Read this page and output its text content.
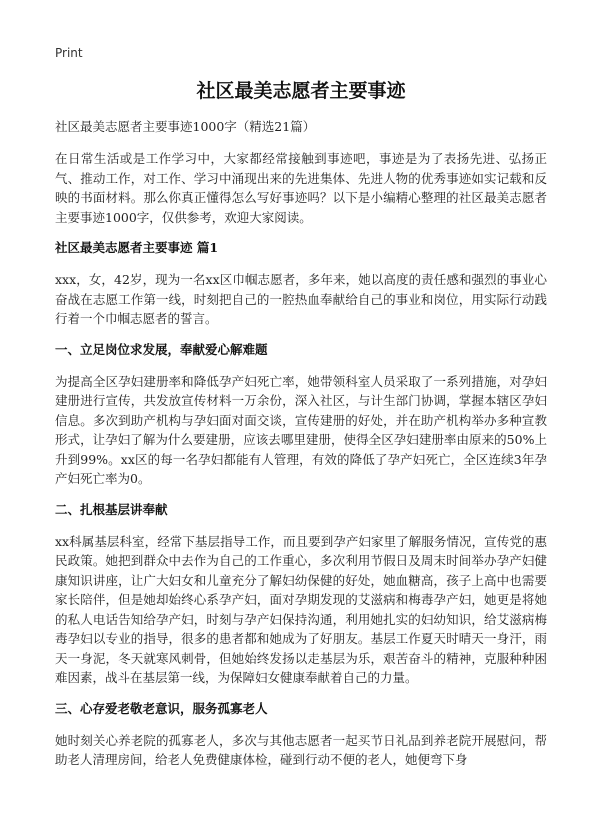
Print
社区最美志愿者主要事迹
社区最美志愿者主要事迹1000字（精选21篇）

在日常生活或是工作学习中，大家都经常接触到事迹吧，事迹是为了表扬先进、弘扬正气、推动工作，对工作、学习中涌现出来的先进集体、先进人物的优秀事迹如实记载和反映的书面材料。那么你真正懂得怎么写好事迹吗？以下是小编精心整理的社区最美志愿者主要事迹1000字，仅供参考，欢迎大家阅读。

社区最美志愿者主要事迹 篇1

xxx，女，42岁，现为一名xx区巾帼志愿者，多年来，她以高度的责任感和强烈的事业心奋战在志愿工作第一线，时刻把自己的一腔热血奉献给自己的事业和岗位，用实际行动践行着一个巾帼志愿者的誓言。

一、立足岗位求发展，奉献爱心解难题

为提高全区孕妇建册率和降低孕产妇死亡率，她带领科室人员采取了一系列措施，对孕妇建册进行宣传，共发放宣传材料一万余份，深入社区，与计生部门协调，掌握本辖区孕妇信息。多次到助产机构与孕妇面对面交谈，宣传建册的好处，并在助产机构举办多种宣教形式，让孕妇了解为什么要建册，应该去哪里建册，使得全区孕妇建册率由原来的50%上升到99%。xx区的每一名孕妇都能有人管理，有效的降低了孕产妇死亡，全区连续3年孕产妇死亡率为0。

二、扎根基层讲奉献

xx科属基层科室，经常下基层指导工作，而且要到孕产妇家里了解服务情况，宣传党的惠民政策。她把到群众中去作为自己的工作重心，多次利用节假日及周末时间举办孕产妇健康知识讲座，让广大妇女和儿童充分了解妇幼保健的好处，她血糖高，孩子上高中也需要家长陪伴，但是她却始终心系孕产妇，面对孕期发现的艾滋病和梅毒孕产妇，她更是将她的私人电话告知给孕产妇，时刻与孕产妇保持沟通，利用她扎实的妇幼知识，给艾滋病梅毒孕妇以专业的指导，很多的患者都和她成为了好朋友。基层工作夏天时晴天一身汗，雨天一身泥，冬天就寒风刺骨，但她始终发扬以走基层为乐，艰苦奋斗的精神，克服种种困难因素，战斗在基层第一线，为保障妇女健康奉献着自己的力量。

三、心存爱老敬老意识，服务孤寡老人

她时刻关心养老院的孤寡老人，多次与其他志愿者一起买节日礼品到养老院开展慰问，帮助老人清理房间，给老人免费健康体检，碰到行动不便的老人，她便弯下身
